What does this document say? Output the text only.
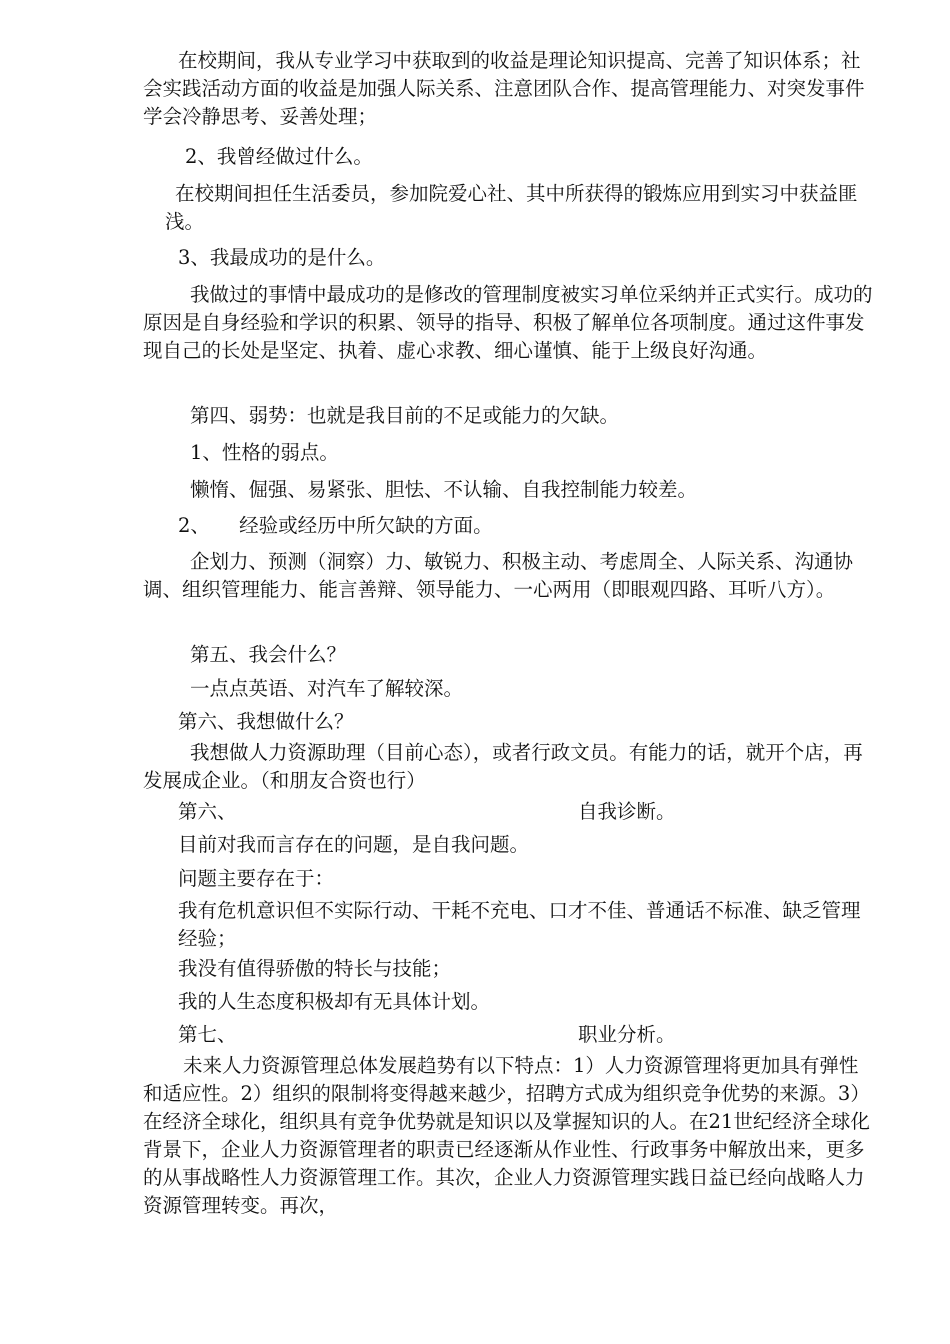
在校期间，我从专业学习中获取到的收益是理论知识提高、完善了知识体系；社会实践活动方面的收益是加强人际关系、注意团队合作、提高管理能力、对突发事件学会冷静思考、妥善处理；

2、我曾经做过什么。

在校期间担任生活委员，参加院爱心社、其中所获得的锻炼应用到实习中获益匪浅。

3、我最成功的是什么。

我做过的事情中最成功的是修改的管理制度被实习单位采纳并正式实行。成功的原因是自身经验和学识的积累、领导的指导、积极了解单位各项制度。通过这件事发现自己的长处是坚定、执着、虚心求教、细心谨慎、能于上级良好沟通。

第四、弱势：也就是我目前的不足或能力的欠缺。

1、性格的弱点。

懒惰、倔强、易紧张、胆怯、不认输、自我控制能力较差。

2、　　经验或经历中所欠缺的方面。

企划力、预测（洞察）力、敏锐力、积极主动、考虑周全、人际关系、沟通协调、组织管理能力、能言善辩、领导能力、一心两用（即眼观四路、耳听八方）。

第五、我会什么？

一点点英语、对汽车了解较深。

第六、我想做什么？

我想做人力资源助理（目前心态），或者行政文员。有能力的话，就开个店，再发展成企业。（和朋友合资也行）

第六、	自我诊断。

目前对我而言存在的问题，是自我问题。

问题主要存在于：

我有危机意识但不实际行动、干耗不充电、口才不佳、普通话不标准、缺乏管理经验；

我没有值得骄傲的特长与技能；

我的人生态度积极却有无具体计划。

第七、	职业分析。

未来人力资源管理总体发展趋势有以下特点：1）人力资源管理将更加具有弹性和适应性。2）组织的限制将变得越来越少，招聘方式成为组织竞争优势的来源。3）在经济全球化，组织具有竞争优势就是知识以及掌握知识的人。在21世纪经济全球化背景下，企业人力资源管理者的职责已经逐渐从作业性、行政事务中解放出来，更多的从事战略性人力资源管理工作。其次，企业人力资源管理实践日益已经向战略人力资源管理转变。再次，
